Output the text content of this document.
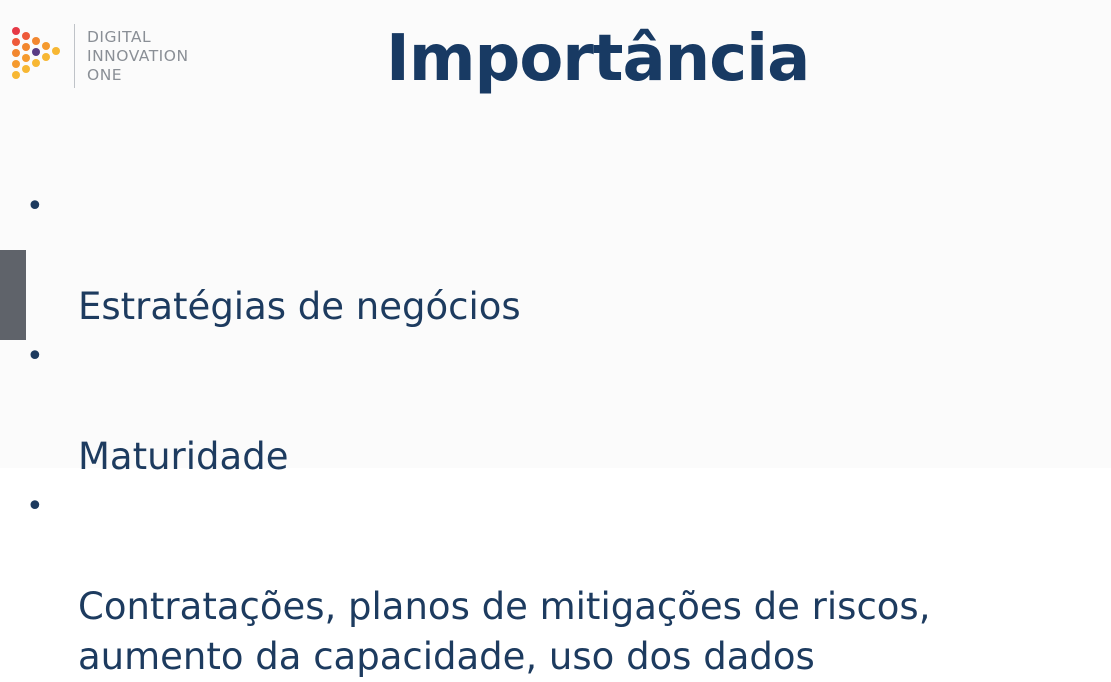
DIGITAL
INNOVATION
ONE	Importância

•

Estratégias de negócios

•

Maturidade

•

Contratações, planos de mitigações de riscos,
aumento da capacidade, uso dos dados
